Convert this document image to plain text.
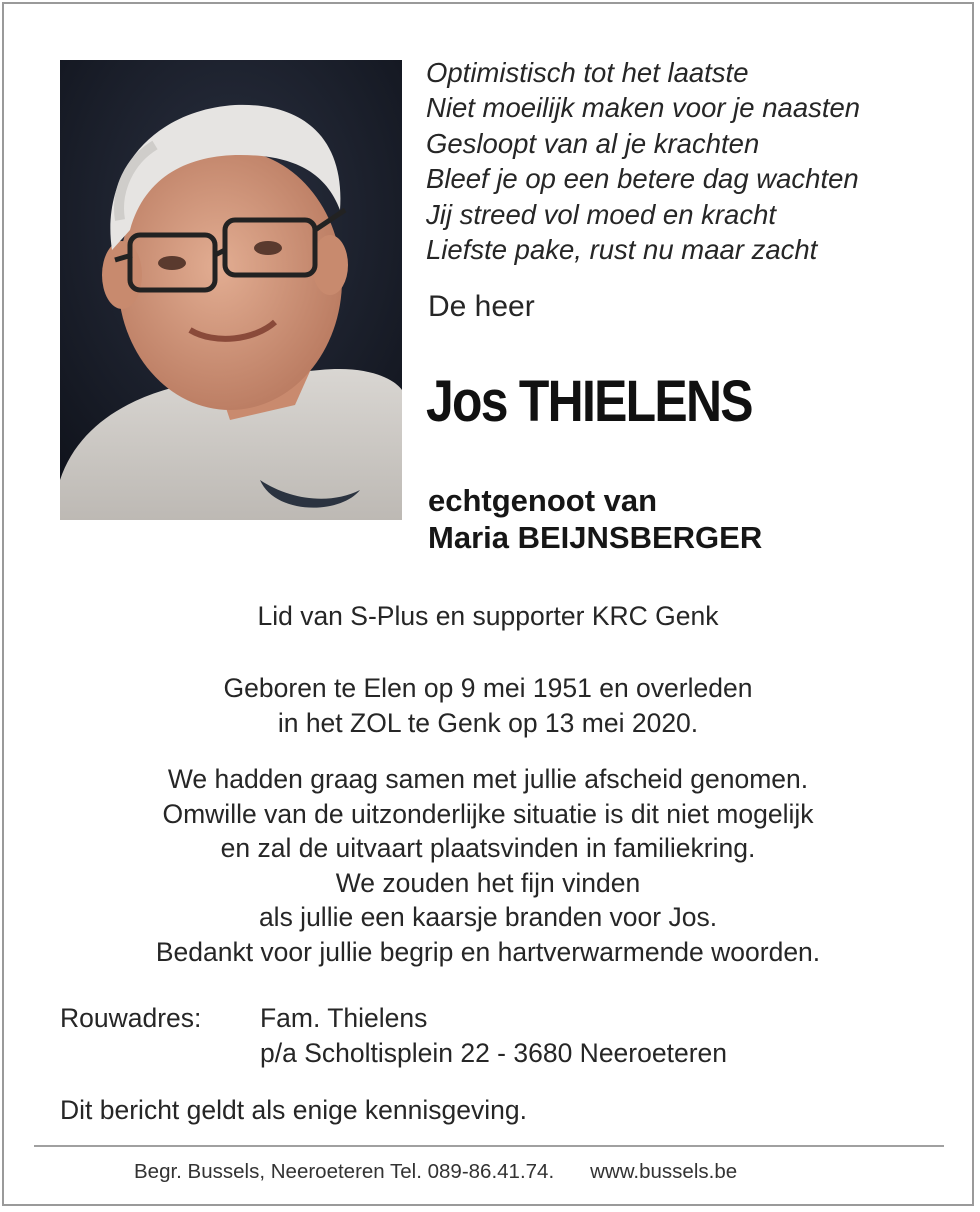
Optimistisch tot het laatste
Niet moeilijk maken voor je naasten
Gesloopt van al je krachten
Bleef je op een betere dag wachten
Jij streed vol moed en kracht
Liefste pake, rust nu maar zacht
De heer
Jos THIELENS
echtgenoot van
Maria BEIJNSBERGER
Lid van S-Plus en supporter KRC Genk
Geboren te Elen op 9 mei 1951 en overleden
in het ZOL te Genk op 13 mei 2020.
We hadden graag samen met jullie afscheid genomen.
Omwille van de uitzonderlijke situatie is dit niet mogelijk
en zal de uitvaart plaatsvinden in familiekring.
We zouden het fijn vinden
als jullie een kaarsje branden voor Jos.
Bedankt voor jullie begrip en hartverwarmende woorden.
Rouwadres: Fam. Thielens
p/a Scholtisplein 22 - 3680 Neeroeteren
Dit bericht geldt als enige kennisgeving.
Begr. Bussels, Neeroeteren Tel. 089-86.41.74. www.bussels.be
